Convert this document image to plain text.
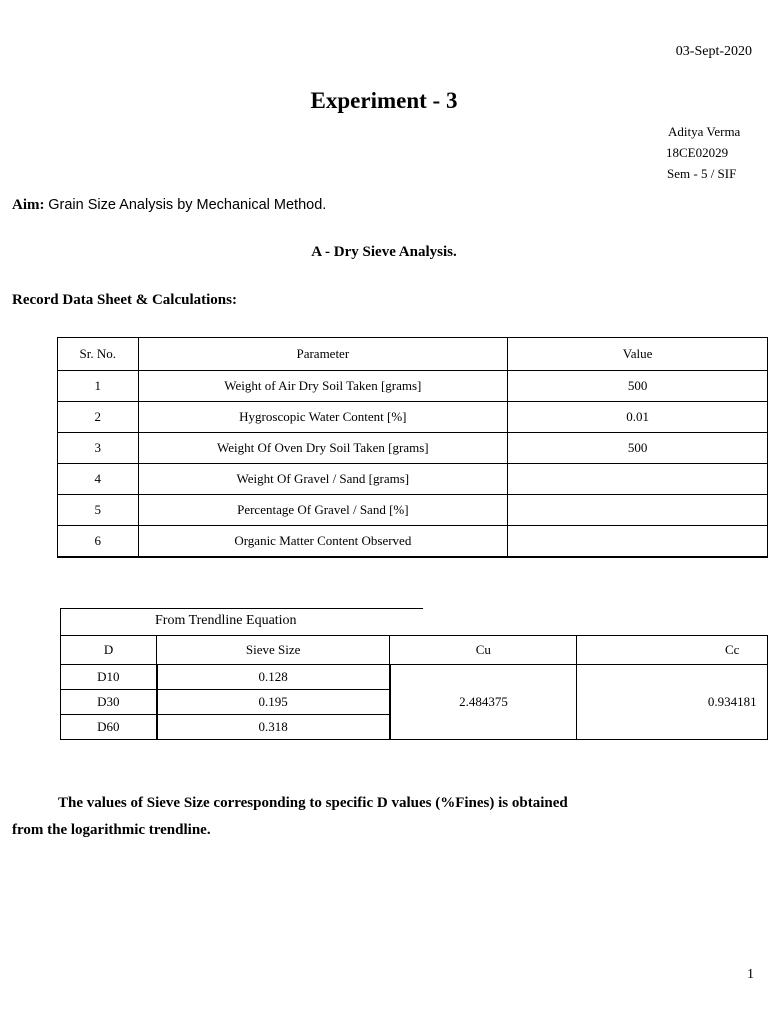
03-Sept-2020
Experiment - 3
Aditya Verma
18CE02029
Sem - 5 / SIF
Aim: Grain Size Analysis by Mechanical Method.
A - Dry Sieve Analysis.
Record Data Sheet & Calculations:
Sr. No.	Parameter	Value
1	Weight of Air Dry Soil Taken [grams]	500
2	Hygroscopic Water Content [%]	0.01
3	Weight Of Oven Dry Soil Taken [grams]	500
4	Weight Of Gravel / Sand [grams]	
5	Percentage Of Gravel / Sand [%]	
6	Organic Matter Content Observed	
From Trendline Equation
D	Sieve Size	Cu	Cc
D10	0.128	2.484375	0.934181
D30	0.195		
D60	0.318		
The values of Sieve Size corresponding to specific D values (%Fines) is obtained
from the logarithmic trendline.
1
